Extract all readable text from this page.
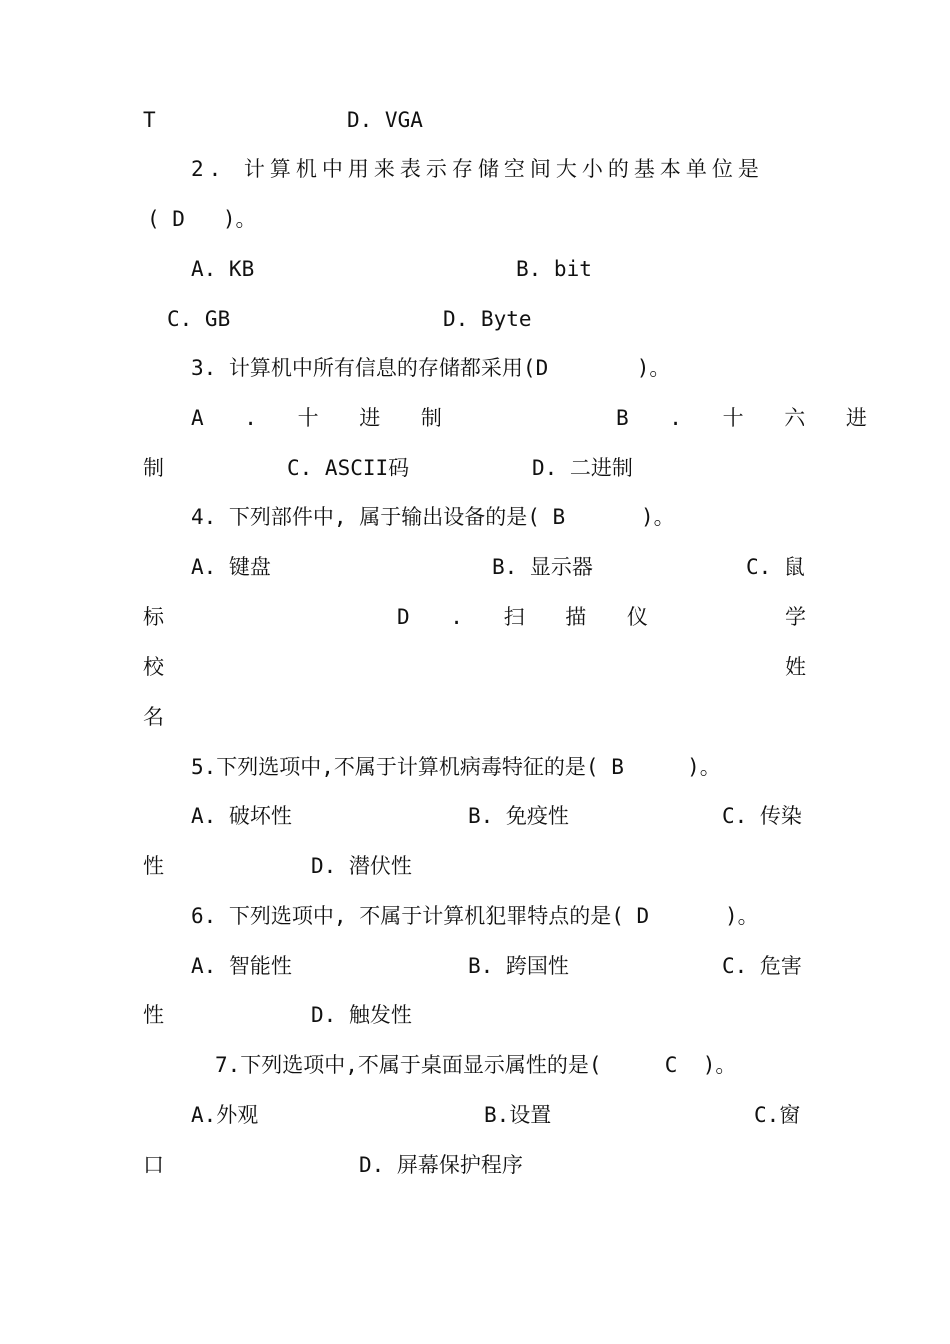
T	D. VGA
2. 计算机中用来表示存储空间大小的基本单位是
( D   )。
A. KB	B. bit
C. GB	D. Byte
3. 计算机中所有信息的存储都采用(D       )。
A . 十 进 制	B . 十 六 进
制	C. ASCII码	D. 二进制
4. 下列部件中, 属于输出设备的是( B      )。
A. 键盘	B. 显示器	C. 鼠
标	D . 扫 描 仪	学
校	姓
名
5.下列选项中,不属于计算机病毒特征的是( B     )。
A. 破坏性	B. 免疫性	C. 传染
性	D. 潜伏性
6. 下列选项中, 不属于计算机犯罪特点的是( D      )。
A. 智能性	B. 跨国性	C. 危害
性	D. 触发性
7.下列选项中,不属于桌面显示属性的是(     C  )。
A.外观	B.设置	C.窗
口	D. 屏幕保护程序
